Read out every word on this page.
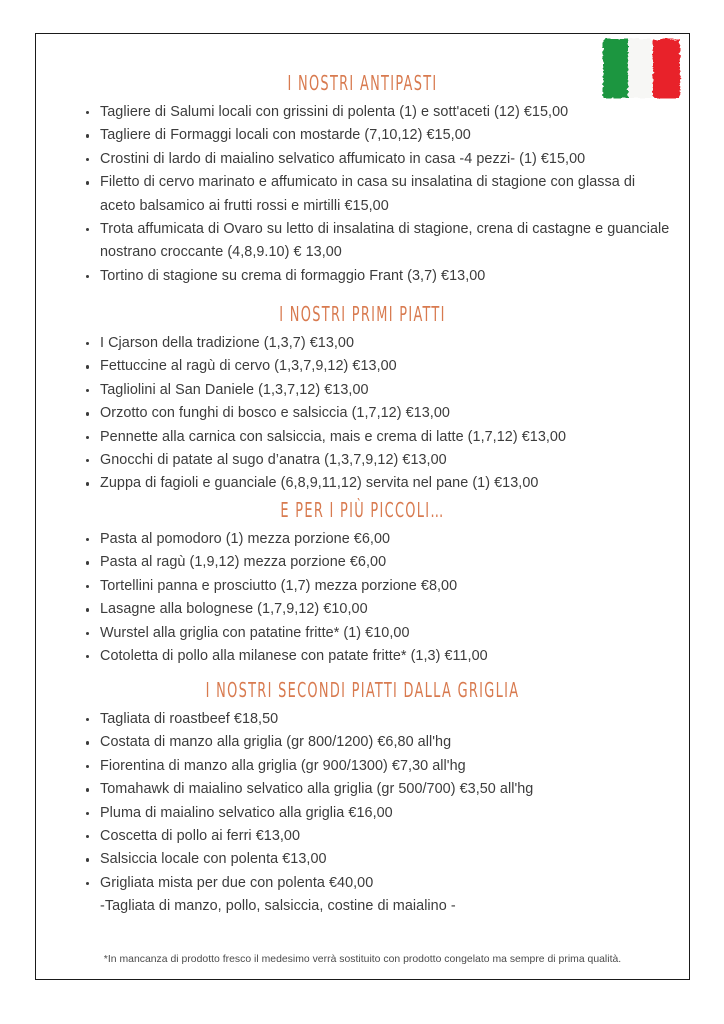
I NOSTRI ANTIPASTI
Tagliere di Salumi locali con grissini di polenta (1) e sott'aceti (12) €15,00
Tagliere di Formaggi locali con mostarde (7,10,12) €15,00
Crostini di lardo di maialino selvatico affumicato in casa -4 pezzi- (1) €15,00
Filetto di cervo marinato e affumicato in casa su insalatina di stagione con glassa di aceto balsamico ai frutti rossi e mirtilli €15,00
Trota affumicata di Ovaro su letto di insalatina di stagione, crena di castagne e guanciale nostrano croccante (4,8,9.10) € 13,00
Tortino di stagione su crema di formaggio Frant (3,7) €13,00
I NOSTRI PRIMI PIATTI
I Cjarson della tradizione (1,3,7) €13,00
Fettuccine al ragù di cervo (1,3,7,9,12) €13,00
Tagliolini al San Daniele (1,3,7,12) €13,00
Orzotto con funghi di bosco e salsiccia (1,7,12) €13,00
Pennette alla carnica con salsiccia, mais e crema di latte (1,7,12) €13,00
Gnocchi di patate al sugo d’anatra (1,3,7,9,12) €13,00
Zuppa di fagioli e guanciale (6,8,9,11,12) servita nel pane (1) €13,00
E PER I PIÙ PICCOLI…
Pasta al pomodoro (1) mezza porzione €6,00
Pasta al ragù (1,9,12) mezza porzione €6,00
Tortellini panna e prosciutto (1,7) mezza porzione €8,00
Lasagne alla bolognese (1,7,9,12) €10,00
Wurstel alla griglia con patatine fritte* (1) €10,00
Cotoletta di pollo alla milanese con patate fritte* (1,3) €11,00
I NOSTRI SECONDI PIATTI DALLA GRIGLIA
Tagliata di roastbeef €18,50
Costata di manzo alla griglia (gr 800/1200) €6,80 all'hg
Fiorentina di manzo alla griglia (gr 900/1300) €7,30 all'hg
Tomahawk di maialino selvatico alla griglia (gr 500/700) €3,50 all'hg
Pluma di maialino selvatico alla griglia €16,00
Coscetta di pollo ai ferri €13,00
Salsiccia locale con polenta €13,00
Grigliata mista per due con polenta €40,00
-Tagliata di manzo, pollo, salsiccia, costine di maialino -
*In mancanza di prodotto fresco il medesimo verrà sostituito con prodotto congelato ma sempre di prima qualità.
